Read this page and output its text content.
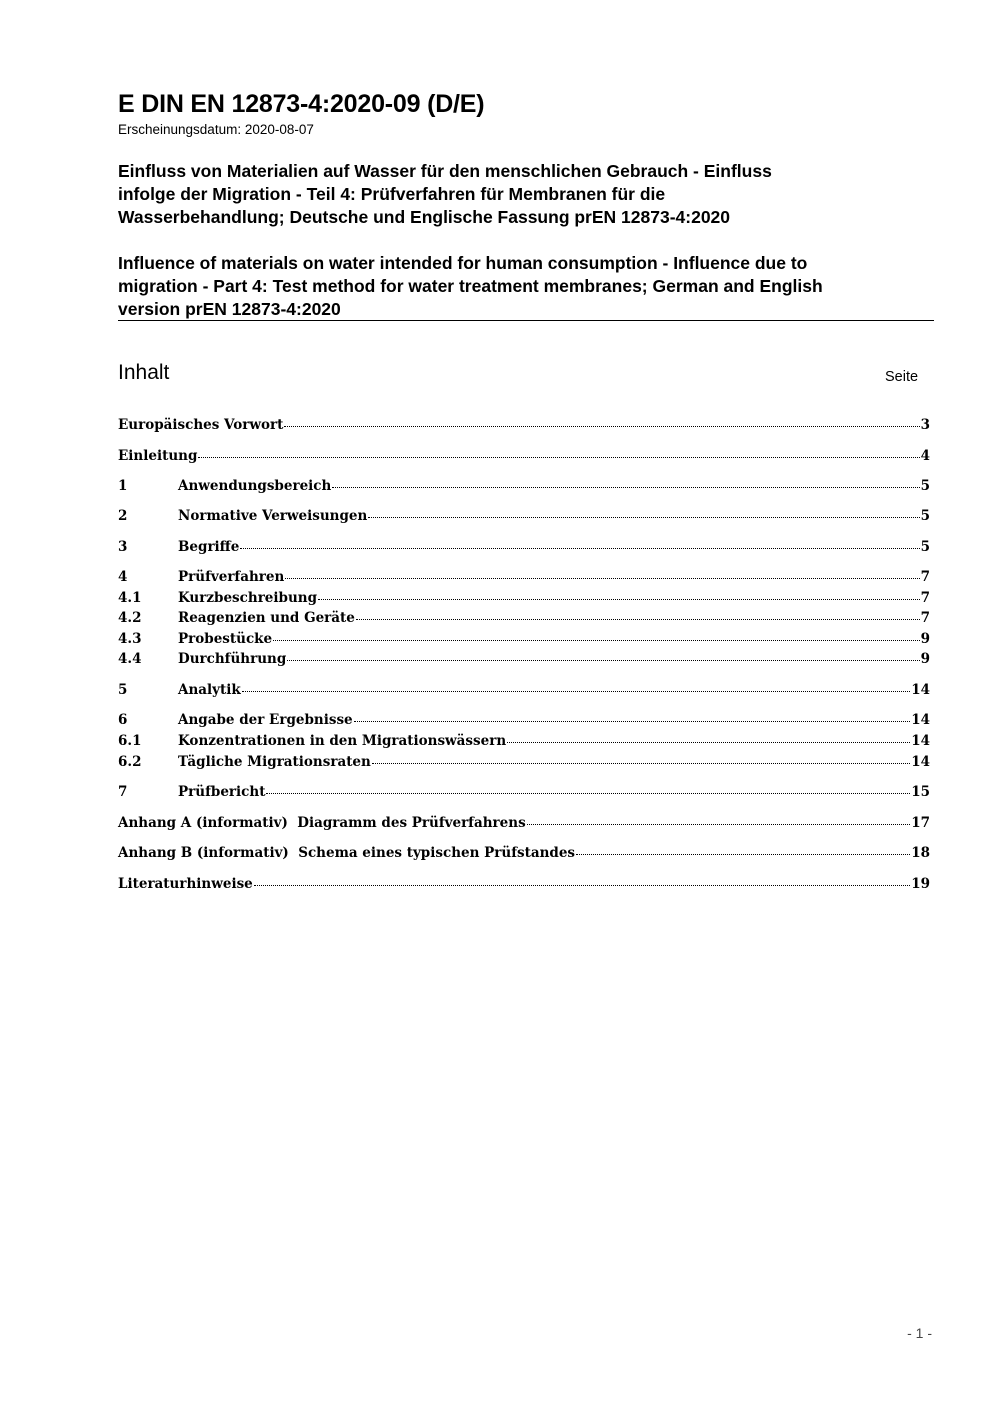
E DIN EN 12873-4:2020-09 (D/E)
Erscheinungsdatum: 2020-08-07
Einfluss von Materialien auf Wasser für den menschlichen Gebrauch - Einfluss
infolge der Migration - Teil 4: Prüfverfahren für Membranen für die
Wasserbehandlung; Deutsche und Englische Fassung prEN 12873-4:2020
Influence of materials on water intended for human consumption - Influence due to
migration - Part 4: Test method for water treatment membranes; German and English
version prEN 12873-4:2020
Inhalt	Seite
Europäisches Vorwort	3
Einleitung	4
1	Anwendungsbereich	5
2	Normative Verweisungen	5
3	Begriffe	5
4	Prüfverfahren	7
4.1	Kurzbeschreibung	7
4.2	Reagenzien und Geräte	7
4.3	Probestücke	9
4.4	Durchführung	9
5	Analytik	14
6	Angabe der Ergebnisse	14
6.1	Konzentrationen in den Migrationswässern	14
6.2	Tägliche Migrationsraten	14
7	Prüfbericht	15
Anhang A (informativ)  Diagramm des Prüfverfahrens	17
Anhang B (informativ)  Schema eines typischen Prüfstandes	18
Literaturhinweise	19
- 1 -
